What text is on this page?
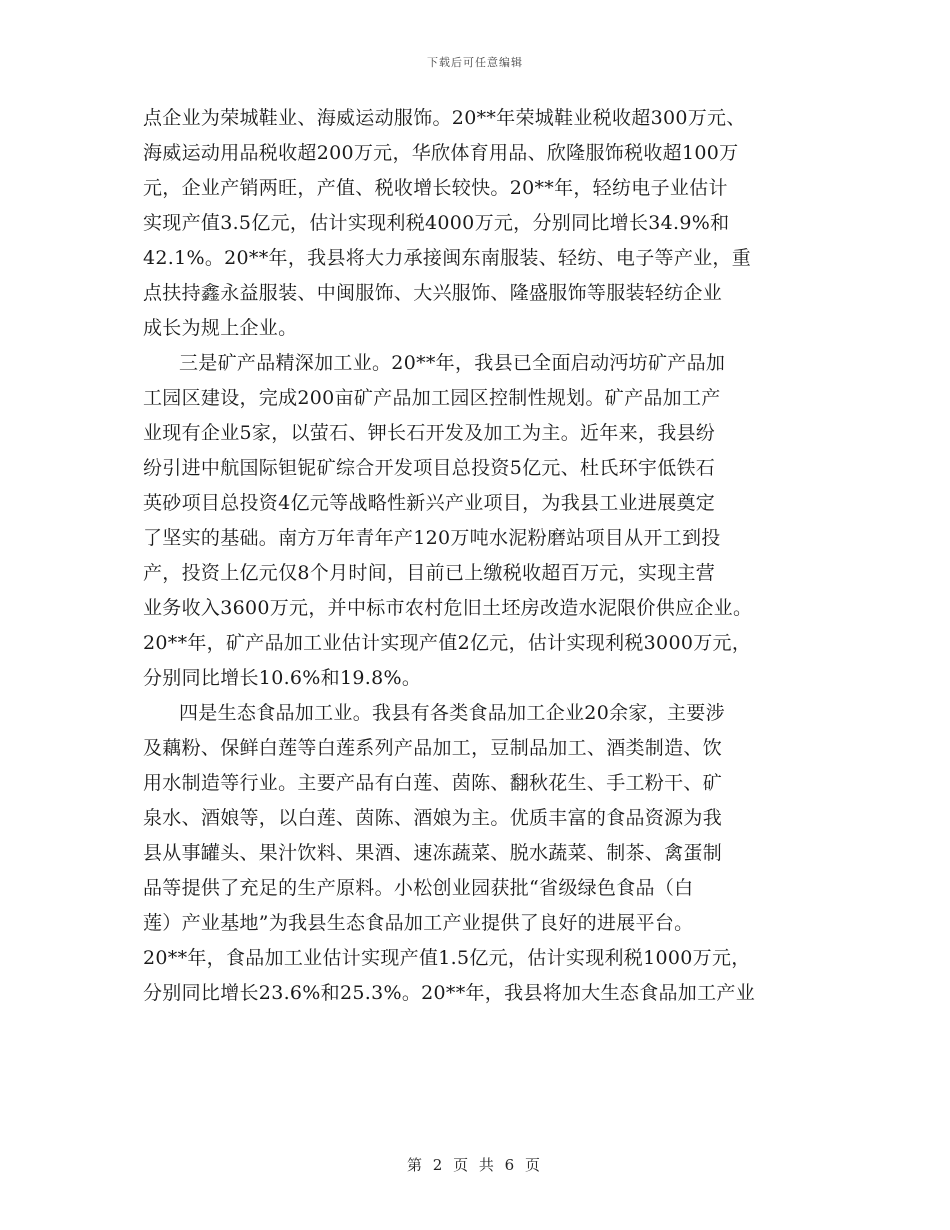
下载后可任意编辑
点企业为荣城鞋业、海威运动服饰。20**年荣城鞋业税收超300万元、
海威运动用品税收超200万元，华欣体育用品、欣隆服饰税收超100万
元，企业产销两旺，产值、税收增长较快。20**年，轻纺电子业估计
实现产值3.5亿元，估计实现利税4000万元，分别同比增长34.9%和
42.1%。20**年，我县将大力承接闽东南服装、轻纺、电子等产业，重
点扶持鑫永益服装、中闽服饰、大兴服饰、隆盛服饰等服装轻纺企业
成长为规上企业。
三是矿产品精深加工业。20**年，我县已全面启动沔坊矿产品加
工园区建设，完成200亩矿产品加工园区控制性规划。矿产品加工产
业现有企业5家，以萤石、钾长石开发及加工为主。近年来，我县纷
纷引进中航国际钽铌矿综合开发项目总投资5亿元、杜氏环宇低铁石
英砂项目总投资4亿元等战略性新兴产业项目，为我县工业进展奠定
了坚实的基础。南方万年青年产120万吨水泥粉磨站项目从开工到投
产，投资上亿元仅8个月时间，目前已上缴税收超百万元，实现主营
业务收入3600万元，并中标市农村危旧土坯房改造水泥限价供应企业。
20**年，矿产品加工业估计实现产值2亿元，估计实现利税3000万元，
分别同比增长10.6%和19.8%。
四是生态食品加工业。我县有各类食品加工企业20余家，主要涉
及藕粉、保鲜白莲等白莲系列产品加工，豆制品加工、酒类制造、饮
用水制造等行业。主要产品有白莲、茵陈、翻秋花生、手工粉干、矿
泉水、酒娘等，以白莲、茵陈、酒娘为主。优质丰富的食品资源为我
县从事罐头、果汁饮料、果酒、速冻蔬菜、脱水蔬菜、制茶、禽蛋制
品等提供了充足的生产原料。小松创业园获批“省级绿色食品（白
莲）产业基地”为我县生态食品加工产业提供了良好的进展平台。
20**年，食品加工业估计实现产值1.5亿元，估计实现利税1000万元，
分别同比增长23.6%和25.3%。20**年，我县将加大生态食品加工产业
第 2 页 共 6 页
